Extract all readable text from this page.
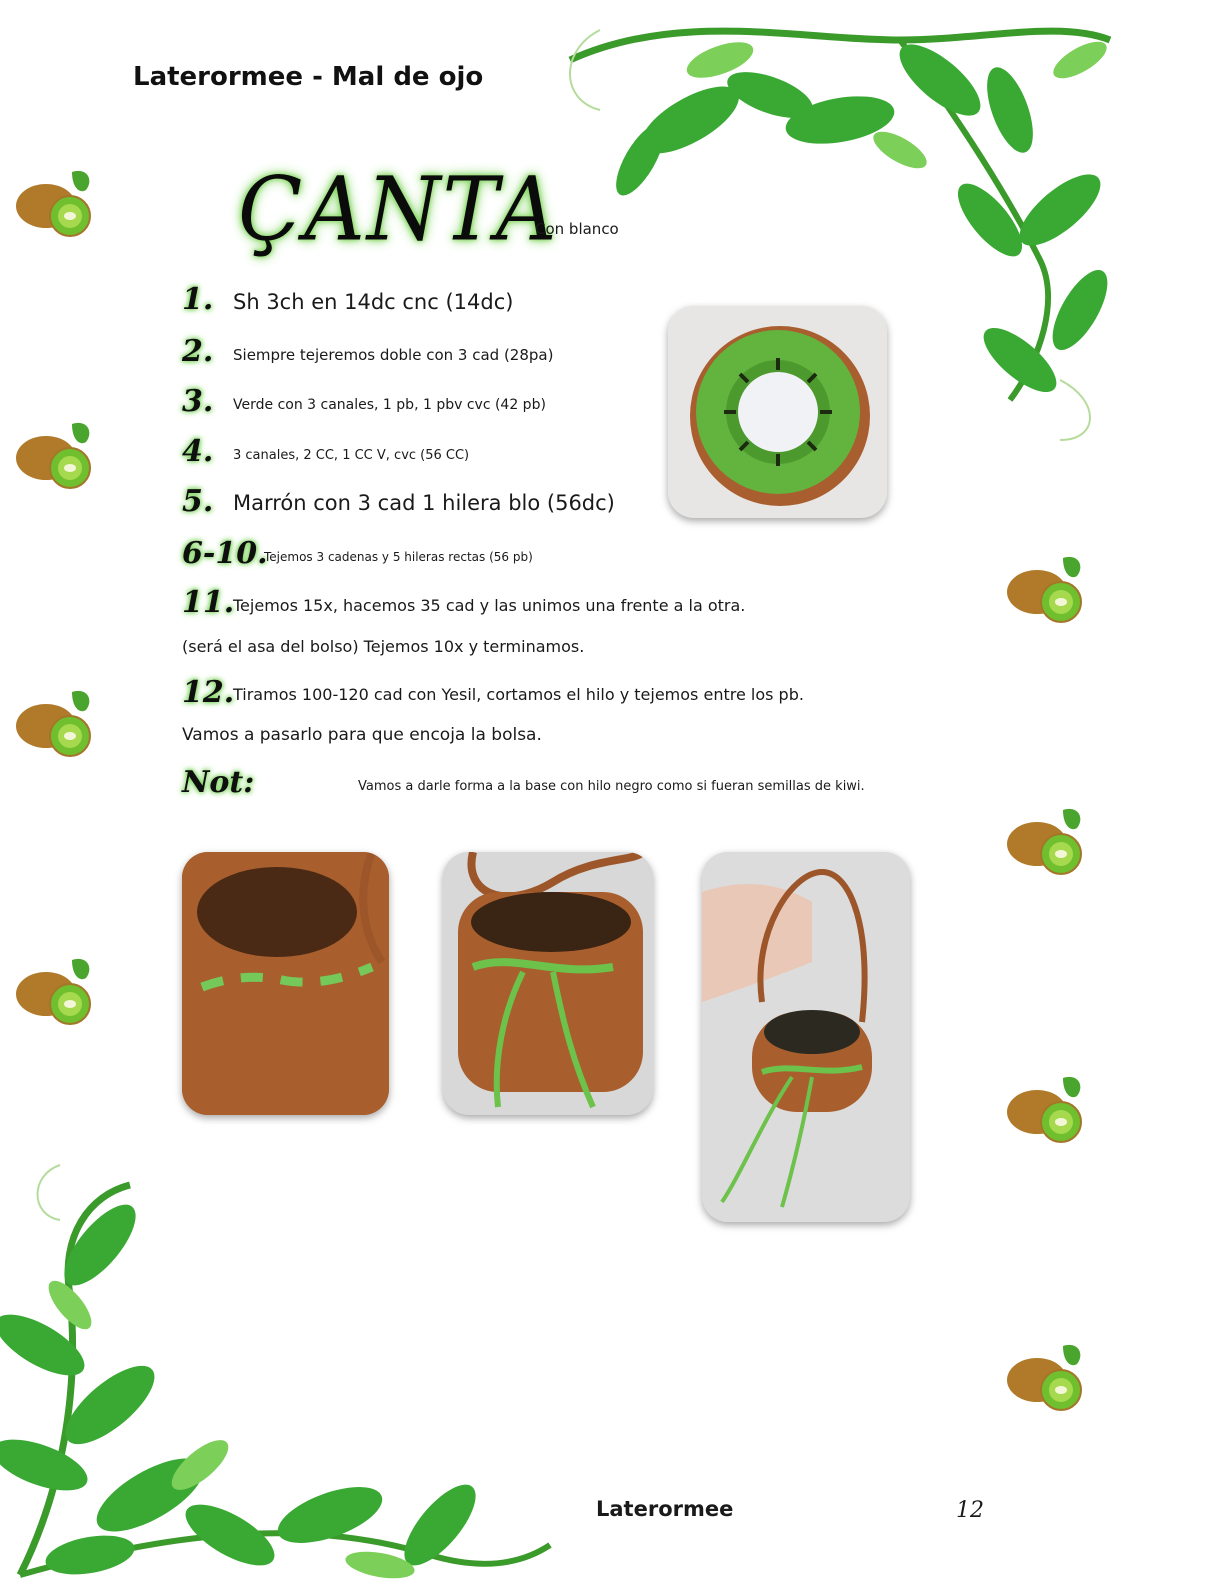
Laterormee - Mal de ojo
ÇANTA
Con blanco
1. Sh 3ch en 14dc cnc (14dc)
2. Siempre tejeremos doble con 3 cad (28pa)
3. Verde con 3 canales, 1 pb, 1 pbv cvc (42 pb)
4. 3 canales, 2 CC, 1 CC V, cvc (56 CC)
5. Marrón con 3 cad 1 hilera blo (56dc)
6-10.
Tejemos 3 cadenas y 5 hileras rectas (56 pb)
11.
Tejemos 15x, hacemos 35 cad y las unimos una frente a la otra.
(será el asa del bolso) Tejemos 10x y terminamos.
12.
Tiramos 100-120 cad con Yesil, cortamos el hilo y tejemos entre los pb.
Vamos a pasarlo para que encoja la bolsa.
Not:	Vamos a darle forma a la base con hilo negro como si fueran semillas de kiwi.
Laterormee	12
